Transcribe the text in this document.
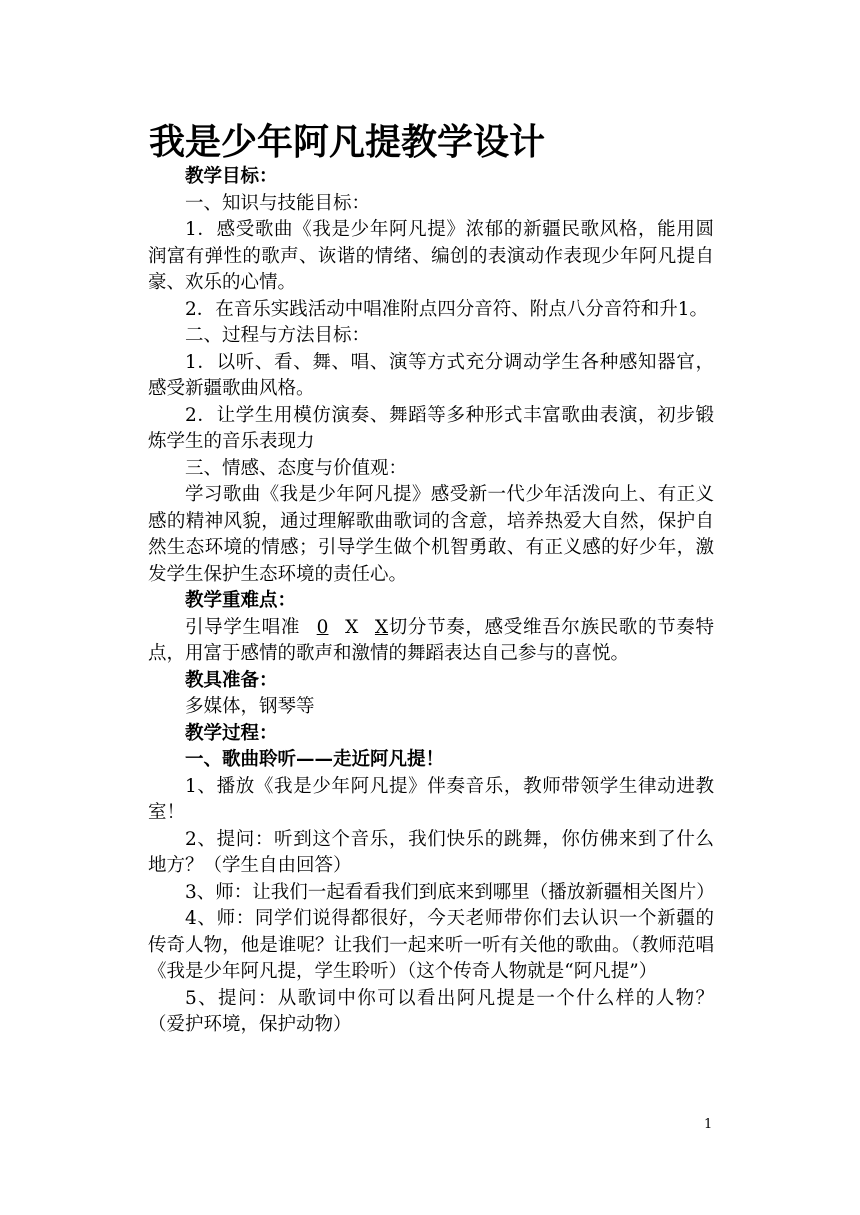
我是少年阿凡提教学设计

教学目标：

一、知识与技能目标：

1．感受歌曲《我是少年阿凡提》浓郁的新疆民歌风格，能用圆润富有弹性的歌声、诙谐的情绪、编创的表演动作表现少年阿凡提自豪、欢乐的心情。

2．在音乐实践活动中唱准附点四分音符、附点八分音符和升1。

二、过程与方法目标：

1．以听、看、舞、唱、演等方式充分调动学生各种感知器官，感受新疆歌曲风格。

2．让学生用模仿演奏、舞蹈等多种形式丰富歌曲表演，初步锻炼学生的音乐表现力

三、情感、态度与价值观：

学习歌曲《我是少年阿凡提》感受新一代少年活泼向上、有正义感的精神风貌，通过理解歌曲歌词的含意，培养热爱大自然，保护自然生态环境的情感；引导学生做个机智勇敢、有正义感的好少年，激发学生保护生态环境的责任心。

教学重难点：

引导学生唱准 0 X X切分节奏，感受维吾尔族民歌的节奏特点，用富于感情的歌声和激情的舞蹈表达自己参与的喜悦。

教具准备：

多媒体，钢琴等

教学过程：

一、歌曲聆听——走近阿凡提！

1、播放《我是少年阿凡提》伴奏音乐，教师带领学生律动进教室！

2、提问：听到这个音乐，我们快乐的跳舞，你仿佛来到了什么地方？（学生自由回答）

3、师：让我们一起看看我们到底来到哪里（播放新疆相关图片）

4、师：同学们说得都很好，今天老师带你们去认识一个新疆的传奇人物，他是谁呢？让我们一起来听一听有关他的歌曲。（教师范唱《我是少年阿凡提，学生聆听）（这个传奇人物就是“阿凡提”）

5、提问：从歌词中你可以看出阿凡提是一个什么样的人物？（爱护环境，保护动物）

1
